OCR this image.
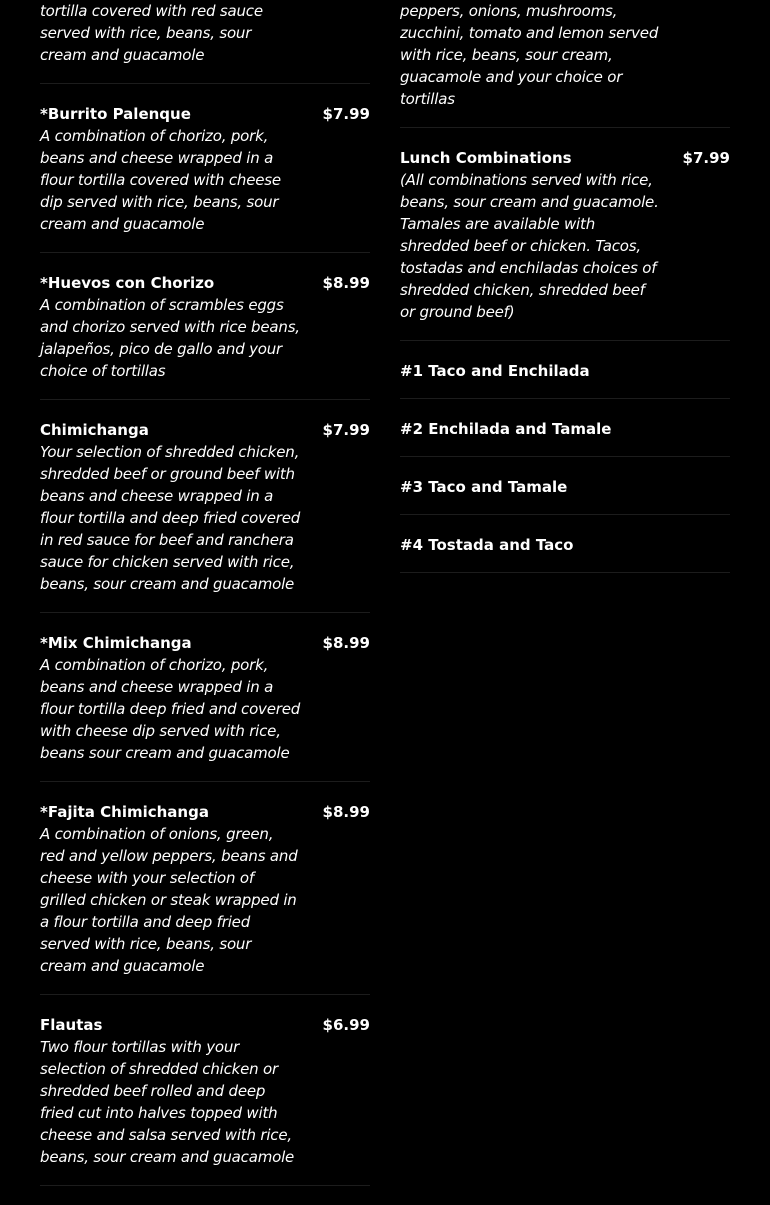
tortilla covered with red sauce served with rice, beans, sour cream and guacamole

*Burrito Palenque	$7.99

A combination of chorizo, pork, beans and cheese wrapped in a flour tortilla covered with cheese dip served with rice, beans, sour cream and guacamole

*Huevos con Chorizo	$8.99

A combination of scrambles eggs and chorizo served with rice beans, jalapeños, pico de gallo and your choice of tortillas

Chimichanga	$7.99

Your selection of shredded chicken, shredded beef or ground beef with beans and cheese wrapped in a flour tortilla and deep fried covered in red sauce for beef and ranchera sauce for chicken served with rice, beans, sour cream and guacamole

*Mix Chimichanga	$8.99

A combination of chorizo, pork, beans and cheese wrapped in a flour tortilla deep fried and covered with cheese dip served with rice, beans sour cream and guacamole

*Fajita Chimichanga	$8.99

A combination of onions, green, red and yellow peppers, beans and cheese with your selection of grilled chicken or steak wrapped in a flour tortilla and deep fried served with rice, beans, sour cream and guacamole

Flautas	$6.99

Two flour tortillas with your selection of shredded chicken or shredded beef rolled and deep fried cut into halves topped with cheese and salsa served with rice, beans, sour cream and guacamole

peppers, onions, mushrooms, zucchini, tomato and lemon served with rice, beans, sour cream, guacamole and your choice or tortillas

Lunch Combinations	$7.99

(All combinations served with rice, beans, sour cream and guacamole. Tamales are available with shredded beef or chicken. Tacos, tostadas and enchiladas choices of shredded chicken, shredded beef or ground beef)

#1 Taco and Enchilada
#2 Enchilada and Tamale
#3 Taco and Tamale
#4 Tostada and Taco
